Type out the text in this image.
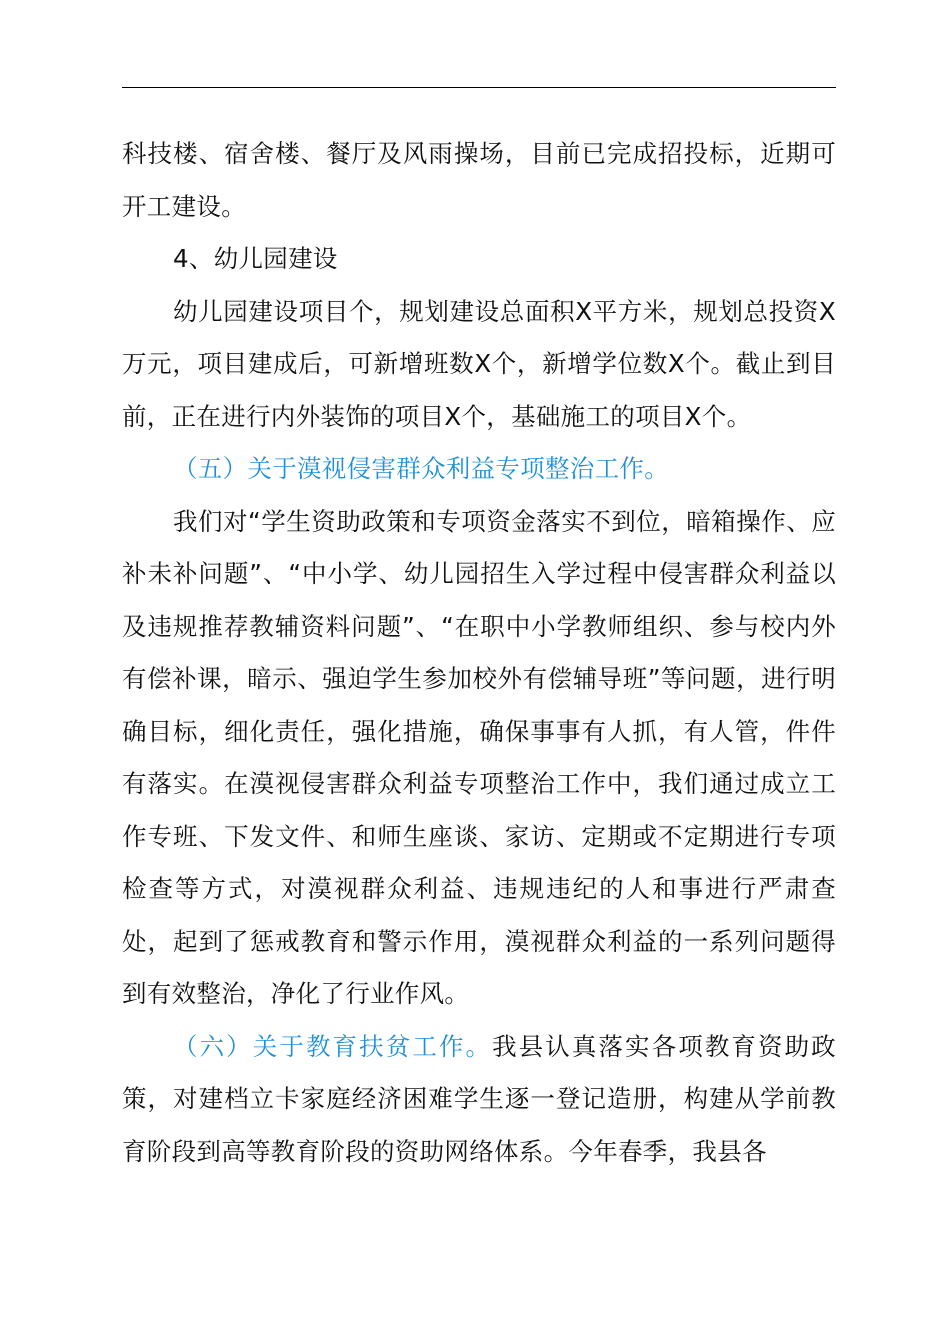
科技楼、宿舍楼、餐厅及风雨操场，目前已完成招投标，近期可开工建设。

4、幼儿园建设

幼儿园建设项目个，规划建设总面积X平方米，规划总投资X万元，项目建成后，可新增班数X个，新增学位数X个。截止到目前，正在进行内外装饰的项目X个，基础施工的项目X个。

（五）关于漠视侵害群众利益专项整治工作。

我们对“学生资助政策和专项资金落实不到位，暗箱操作、应补未补问题”、“中小学、幼儿园招生入学过程中侵害群众利益以及违规推荐教辅资料问题”、“在职中小学教师组织、参与校内外有偿补课，暗示、强迫学生参加校外有偿辅导班”等问题，进行明确目标，细化责任，强化措施，确保事事有人抓，有人管，件件有落实。在漠视侵害群众利益专项整治工作中，我们通过成立工作专班、下发文件、和师生座谈、家访、定期或不定期进行专项检查等方式，对漠视群众利益、违规违纪的人和事进行严肃查处，起到了惩戒教育和警示作用，漠视群众利益的一系列问题得到有效整治，净化了行业作风。

（六）关于教育扶贫工作。我县认真落实各项教育资助政策，对建档立卡家庭经济困难学生逐一登记造册，构建从学前教育阶段到高等教育阶段的资助网络体系。今年春季，我县各
